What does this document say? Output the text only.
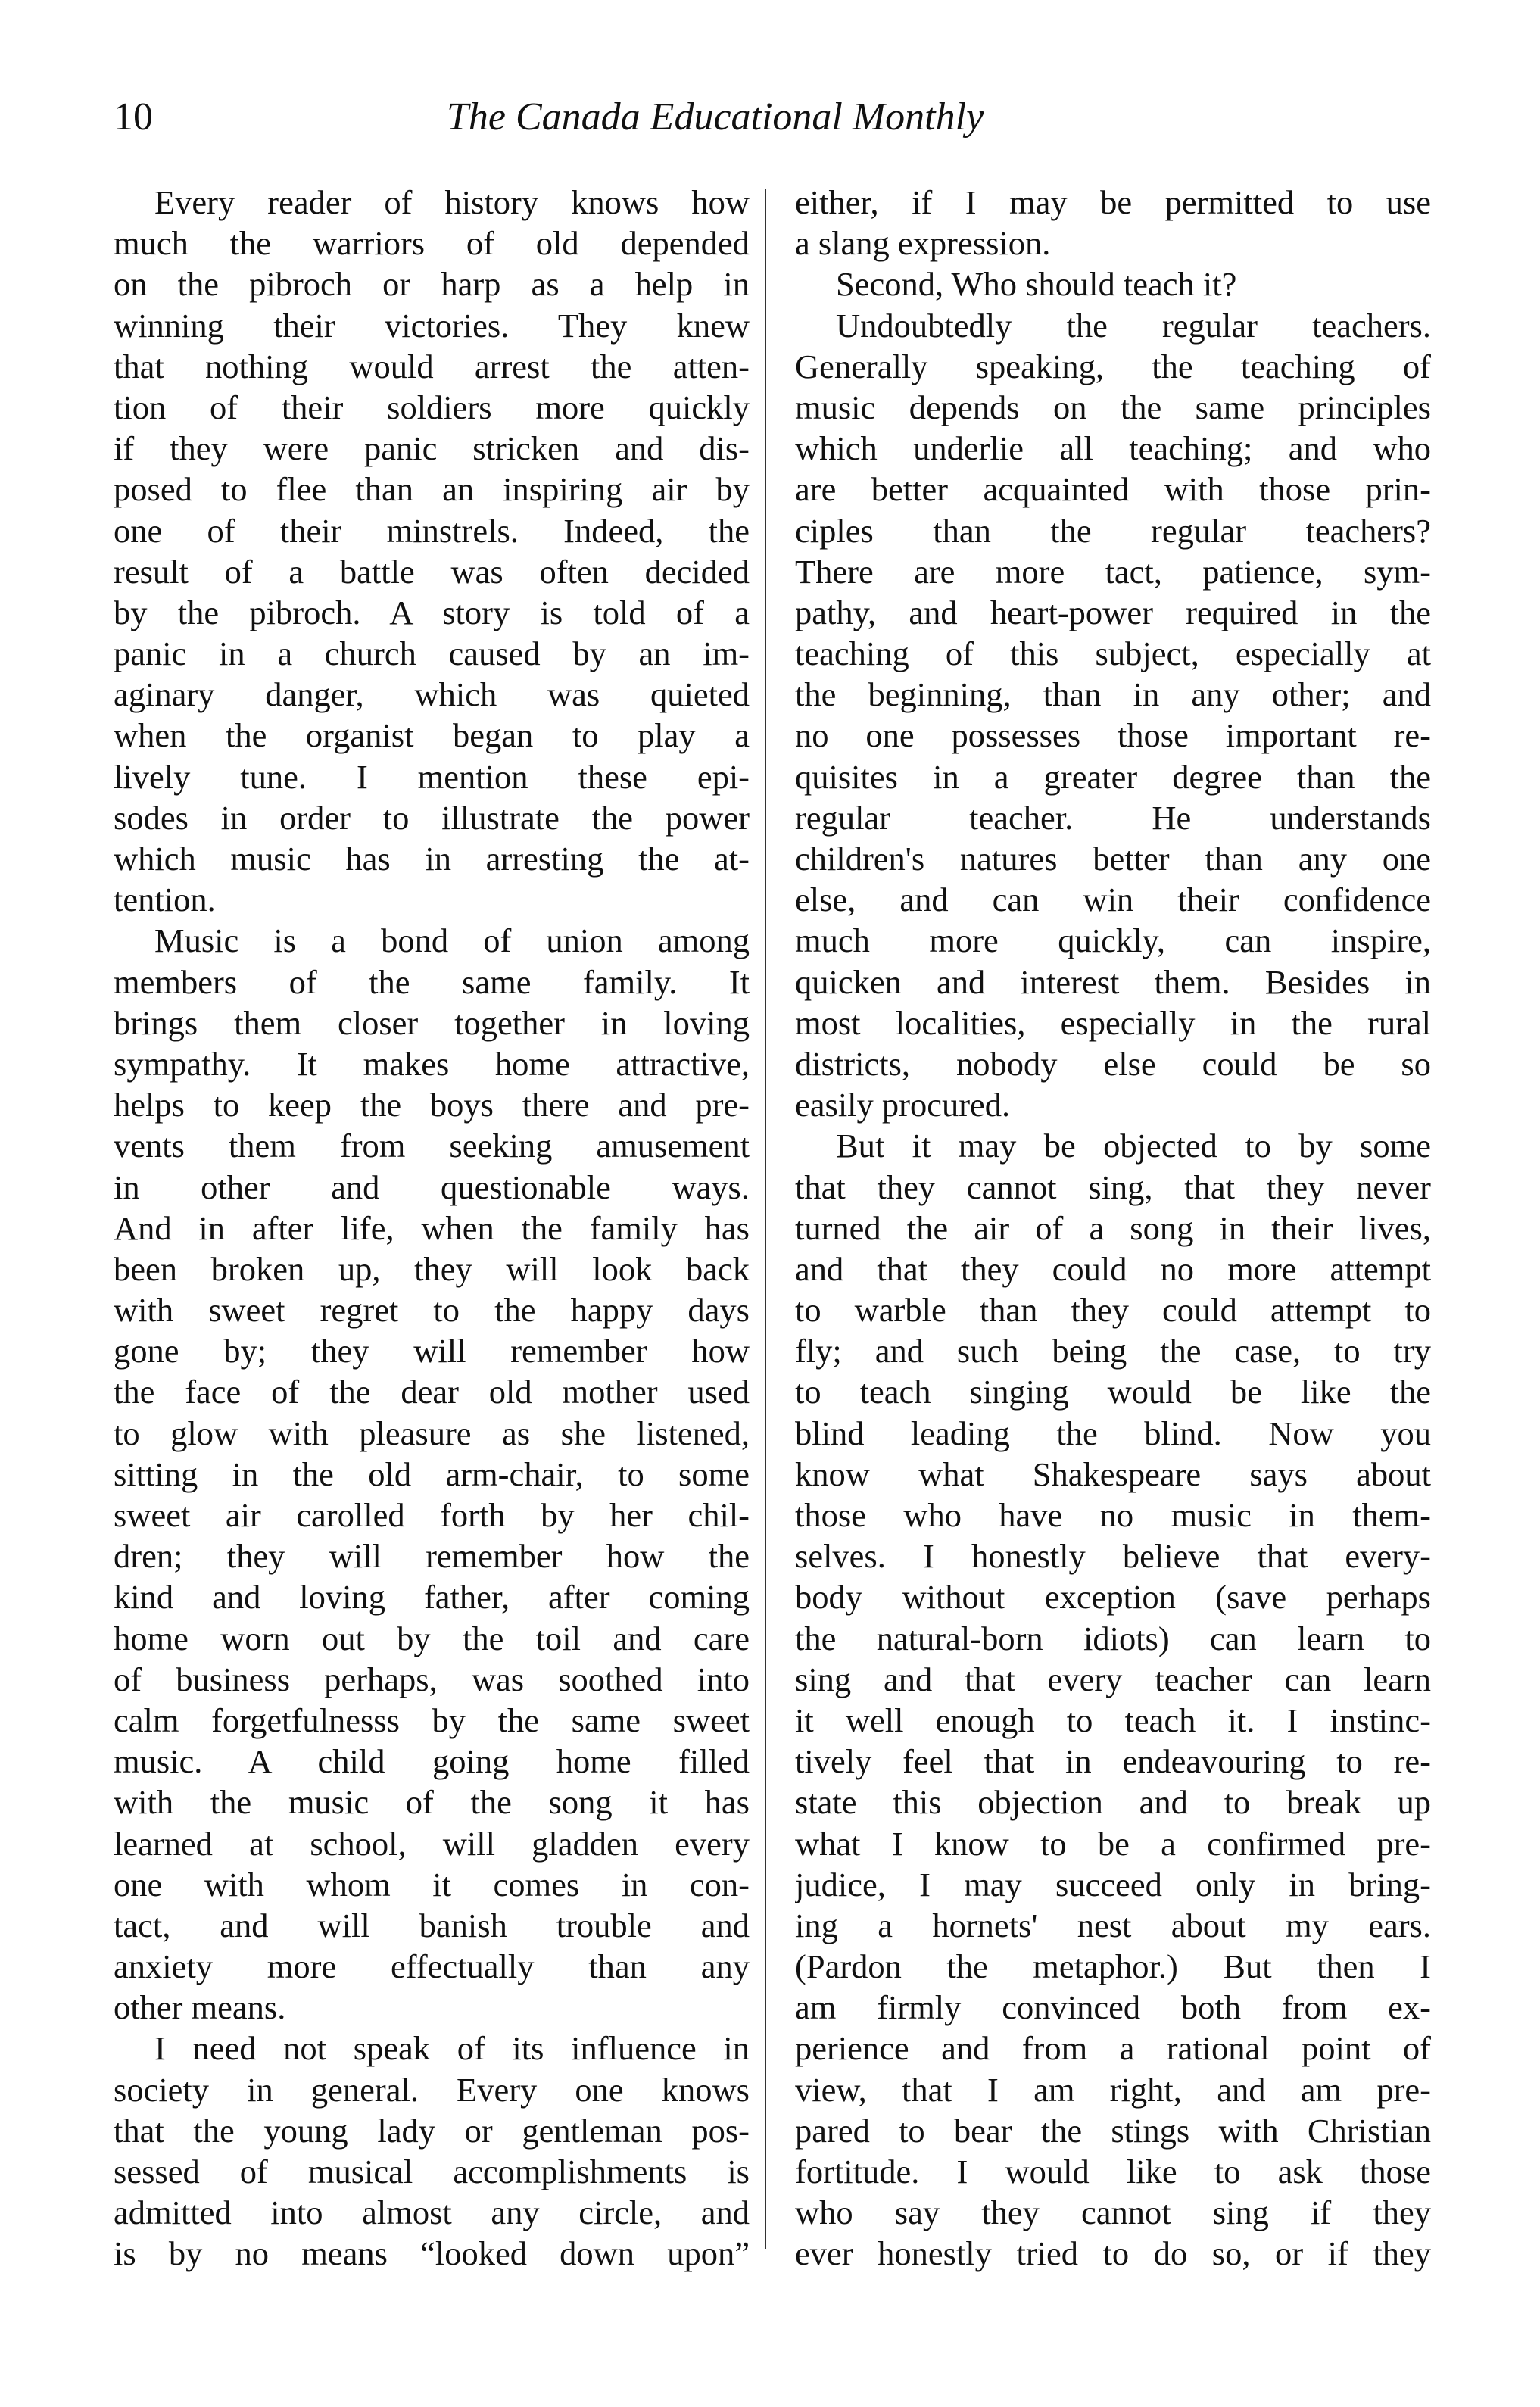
10	The Canada Educational Monthly
Every reader of history knows how
much the warriors of old depended
on the pibroch or harp as a help in
winning their victories. They knew
that nothing would arrest the atten-
tion of their soldiers more quickly
if they were panic stricken and dis-
posed to flee than an inspiring air by
one of their minstrels. Indeed, the
result of a battle was often decided
by the pibroch. A story is told of a
panic in a church caused by an im-
aginary danger, which was quieted
when the organist began to play a
lively tune. I mention these epi-
sodes in order to illustrate the power
which music has in arresting the at-
tention.
Music is a bond of union among
members of the same family. It
brings them closer together in loving
sympathy. It makes home attractive,
helps to keep the boys there and pre-
vents them from seeking amusement
in other and questionable ways.
And in after life, when the family has
been broken up, they will look back
with sweet regret to the happy days
gone by; they will remember how
the face of the dear old mother used
to glow with pleasure as she listened,
sitting in the old arm-chair, to some
sweet air carolled forth by her chil-
dren; they will remember how the
kind and loving father, after coming
home worn out by the toil and care
of business perhaps, was soothed into
calm forgetfulnesss by the same sweet
music. A child going home filled
with the music of the song it has
learned at school, will gladden every
one with whom it comes in con-
tact, and will banish trouble and
anxiety more effectually than any
other means.
I need not speak of its influence in
society in general. Every one knows
that the young lady or gentleman pos-
sessed of musical accomplishments is
admitted into almost any circle, and
is by no means “looked down upon”
either, if I may be permitted to use
a slang expression.
Second, Who should teach it?
Undoubtedly the regular teachers.
Generally speaking, the teaching of
music depends on the same principles
which underlie all teaching; and who
are better acquainted with those prin-
ciples than the regular teachers?
There are more tact, patience, sym-
pathy, and heart-power required in the
teaching of this subject, especially at
the beginning, than in any other; and
no one possesses those important re-
quisites in a greater degree than the
regular teacher. He understands
children's natures better than any one
else, and can win their confidence
much more quickly, can inspire,
quicken and interest them. Besides in
most localities, especially in the rural
districts, nobody else could be so
easily procured.
But it may be objected to by some
that they cannot sing, that they never
turned the air of a song in their lives,
and that they could no more attempt
to warble than they could attempt to
fly; and such being the case, to try
to teach singing would be like the
blind leading the blind. Now you
know what Shakespeare says about
those who have no music in them-
selves. I honestly believe that every-
body without exception (save perhaps
the natural-born idiots) can learn to
sing and that every teacher can learn
it well enough to teach it. I instinc-
tively feel that in endeavouring to re-
state this objection and to break up
what I know to be a confirmed pre-
judice, I may succeed only in bring-
ing a hornets' nest about my ears.
(Pardon the metaphor.) But then I
am firmly convinced both from ex-
perience and from a rational point of
view, that I am right, and am pre-
pared to bear the stings with Christian
fortitude. I would like to ask those
who say they cannot sing if they
ever honestly tried to do so, or if they
